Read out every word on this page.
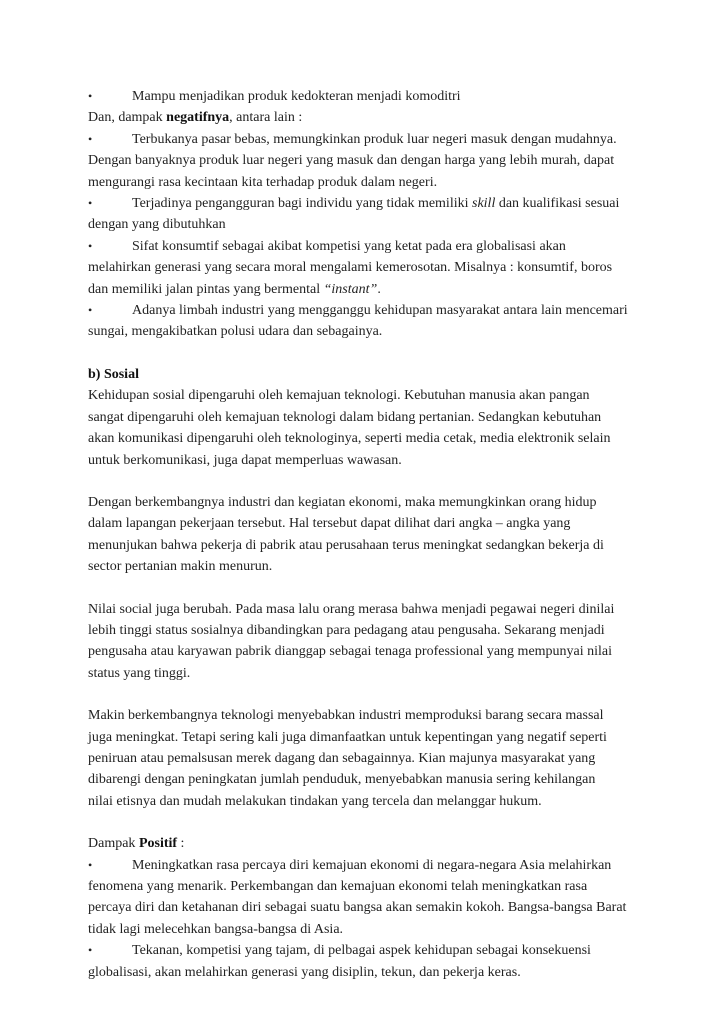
•	Mampu menjadikan produk kedokteran menjadi komoditri

Dan, dampak negatifnya, antara lain :

•	Terbukanya pasar bebas, memungkinkan produk luar negeri masuk dengan mudahnya.
Dengan banyaknya produk luar negeri yang masuk dan dengan harga yang lebih murah, dapat
mengurangi rasa kecintaan kita terhadap produk dalam negeri.

•	Terjadinya pengangguran bagi individu yang tidak memiliki skill dan kualifikasi sesuai
dengan yang dibutuhkan

•	Sifat konsumtif sebagai akibat kompetisi yang ketat pada era globalisasi akan
melahirkan generasi yang secara moral mengalami kemerosotan. Misalnya : konsumtif, boros
dan memiliki jalan pintas yang bermental “instant”.

•	Adanya limbah industri yang mengganggu kehidupan masyarakat antara lain mencemari
sungai, mengakibatkan polusi udara dan sebagainya.

b) Sosial

Kehidupan sosial dipengaruhi oleh kemajuan teknologi. Kebutuhan manusia akan pangan
sangat dipengaruhi oleh kemajuan teknologi dalam bidang pertanian. Sedangkan kebutuhan
akan komunikasi dipengaruhi oleh teknologinya, seperti media cetak, media elektronik selain
untuk berkomunikasi, juga dapat memperluas wawasan.

Dengan berkembangnya industri dan kegiatan ekonomi, maka memungkinkan orang hidup
dalam lapangan pekerjaan tersebut. Hal tersebut dapat dilihat dari angka – angka yang
menunjukan bahwa pekerja di pabrik atau perusahaan terus meningkat sedangkan bekerja di
sector pertanian makin menurun.

Nilai social juga berubah. Pada masa lalu orang merasa bahwa menjadi pegawai negeri dinilai
lebih tinggi status sosialnya dibandingkan para pedagang atau pengusaha. Sekarang menjadi
pengusaha atau karyawan pabrik dianggap sebagai tenaga professional yang mempunyai nilai
status yang tinggi.

Makin berkembangnya teknologi menyebabkan industri memproduksi barang secara massal
juga meningkat. Tetapi sering kali juga dimanfaatkan untuk kepentingan yang negatif seperti
peniruan atau pemalsusan merek dagang dan sebagainnya. Kian majunya masyarakat yang
dibarengi dengan peningkatan jumlah penduduk, menyebabkan manusia sering kehilangan
nilai etisnya dan mudah melakukan tindakan yang tercela dan melanggar hukum.

Dampak Positif :

•	Meningkatkan rasa percaya diri kemajuan ekonomi di negara-negara Asia melahirkan
fenomena yang menarik. Perkembangan dan kemajuan ekonomi telah meningkatkan rasa
percaya diri dan ketahanan diri sebagai suatu bangsa akan semakin kokoh. Bangsa-bangsa Barat
tidak lagi melecehkan bangsa-bangsa di Asia.

•	Tekanan, kompetisi yang tajam, di pelbagai aspek kehidupan sebagai konsekuensi
globalisasi, akan melahirkan generasi yang disiplin, tekun, dan pekerja keras.
